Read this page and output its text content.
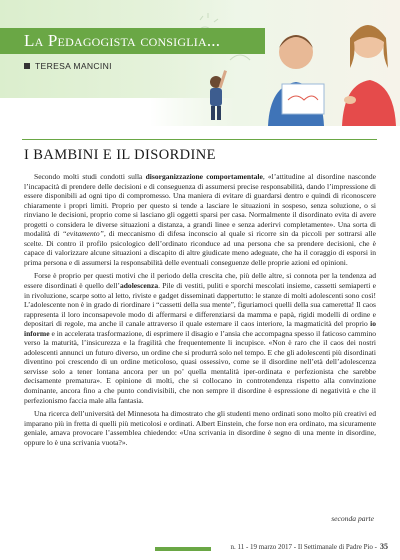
La Pedagogista consiglia...
TERESA MANCINI
I BAMBINI E IL DISORDINE

Secondo molti studi condotti sulla disorganizzazione comportamentale, «l’attitudine al disordine nasconde l’incapacità di prendere delle decisioni e di conseguenza di assumersi precise responsabilità, dando l’impressione di essere disponibili ad ogni tipo di compromesso. Una maniera di evitare di guardarsi dentro e quindi di riconoscere chiaramente i propri limiti. Proprio per questo si tende a lasciare le situazioni in sospeso, senza soluzione, o si rinviano le decisioni, proprio come si lasciano gli oggetti sparsi per casa. Normalmente il disordinato evita di avere progetti o considera le diverse situazioni a distanza, a grandi linee e senza aderirvi completamente». Una sorta di modalità di “evitamento”, di meccanismo di difesa inconscio al quale si ricorre sin da piccoli per sottrarsi alle scelte. Di contro il profilo psicologico dell’ordinato riconduce ad una persona che sa prendere decisioni, che è capace di valorizzare alcune situazioni a discapito di altre giudicate meno adeguate, che ha il coraggio di esporsi in prima persona e di assumersi la responsabilità delle eventuali conseguenze delle proprie azioni ed opinioni.

Forse è proprio per questi motivi che il periodo della crescita che, più delle altre, si connota per la tendenza ad essere disordinati è quello dell’adolescenza. Pile di vestiti, puliti e sporchi mescolati insieme, cassetti semiaperti e in rivoluzione, scarpe sotto al letto, riviste e gadget disseminati dappertutto: le stanze di molti adolescenti sono così! L’adolescente non è in grado di riordinare i “cassetti della sua mente”, figuriamoci quelli della sua cameretta! Il caos rappresenta il loro inconsapevole modo di affermarsi e differenziarsi da mamma e papà, rigidi modelli di ordine e depositari di regole, ma anche il canale attraverso il quale esternare il caos interiore, la magmaticità del proprio io informe e in accelerata trasformazione, di esprimere il disagio e l’ansia che accompagna spesso il faticoso cammino verso la maturità, l’insicurezza e la fragilità che frequentemente li incupisce. «Non è raro che il caos dei nostri adolescenti annunci un futuro diverso, un ordine che si produrrà solo nel tempo. E che gli adolescenti più disordinati diventino poi crescendo di un ordine meticoloso, quasi ossessivo, come se il disordine nell’età dell’adolescenza servisse solo a tener lontana ancora per un po’ quella mentalità iper-ordinata e perfezionista che sarebbe decisamente prematura». E opinione di molti, che si collocano in controtendenza rispetto alla convinzione dominante, ancora fino a che punto condivisibili, che non sempre il disordine è espressione di negatività e che il perfezionismo faccia male alla fantasia.

Una ricerca dell’università del Minnesota ha dimostrato che gli studenti meno ordinati sono molto più creativi ed imparano più in fretta di quelli più meticolosi e ordinati. Albert Einstein, che forse non era ordinato, ma sicuramente geniale, amava provocare l’assemblea chiedendo: «Una scrivania in disordine è segno di una mente in disordine, oppure lo è una scrivania vuota?».

seconda parte
n. 11 - 19 marzo 2017 - Il Settimanale di Padre Pio - 35
